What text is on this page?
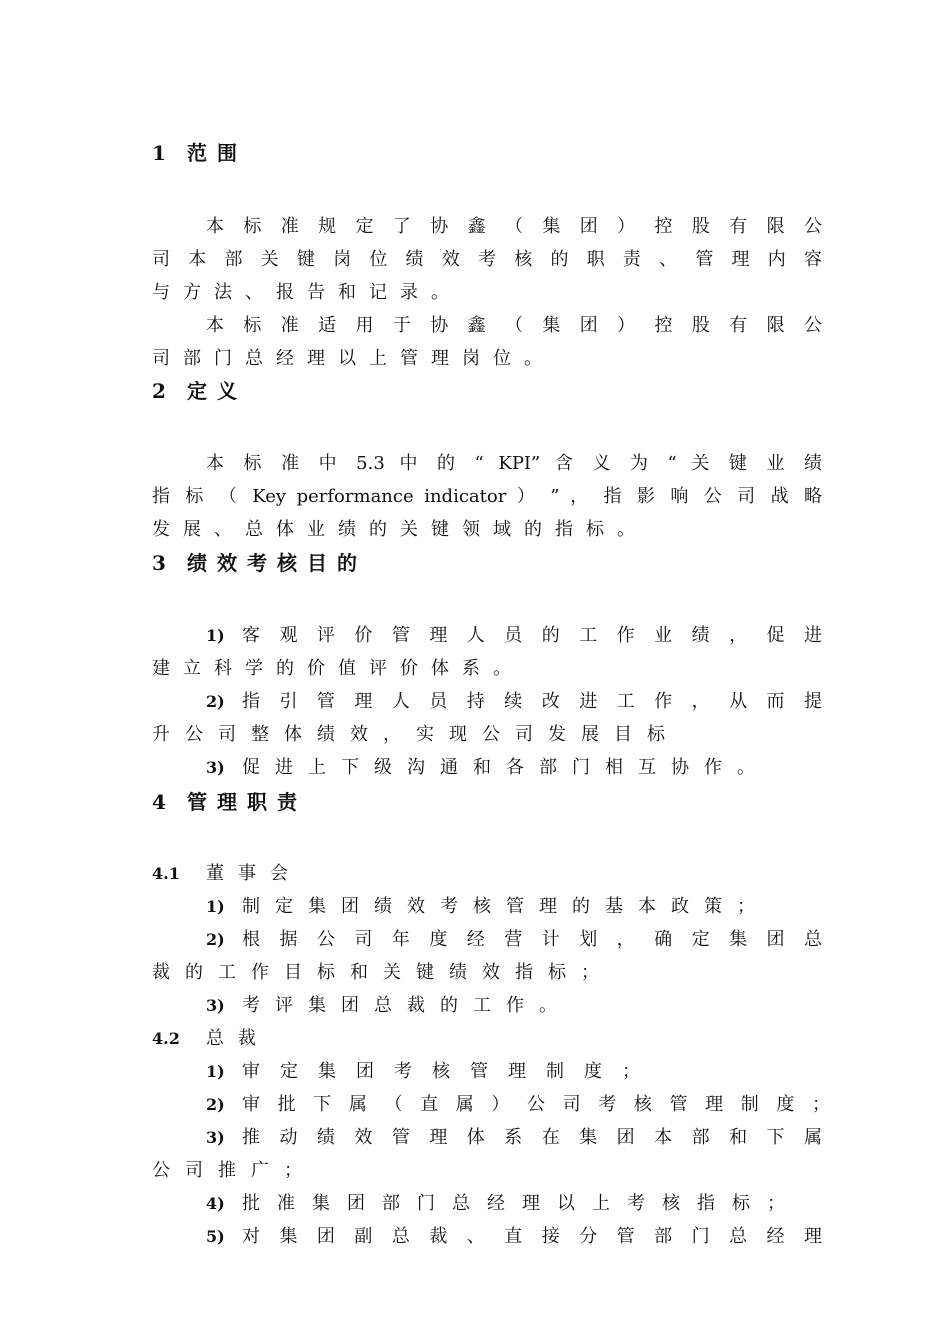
1 范围
本标准规定了协鑫（集团）控股有限公
司本部关键岗位绩效考核的职责、管理内容
与方法、报告和记录。
本标准适用于协鑫（集团）控股有限公
司部门总经理以上管理岗位。
2 定义
本 标 准 中 5.3 中 的 “ KPI” 含 义 为 “ 关 键 业 绩
指 标 （ Key performance indicator ） ” ， 指 影 响 公 司 战 略
发展、总体业绩的关键领域的指标。
3 绩效考核目的
1) 客观评价管理人员的工作业绩，促进
建立科学的价值评价体系。
2) 指引管理人员持续改进工作，从而提
升公司整体绩效，实现公司发展目标
3) 促进上下级沟通和各部门相互协作。
4 管理职责
4.1 董事会
1) 制定集团绩效考核管理的基本政策；
2) 根据公司年度经营计划，确定集团总
裁的工作目标和关键绩效指标；
3) 考评集团总裁的工作。
4.2 总裁
1) 审定集团考核管理制度；
2) 审批下属（直属）公司考核管理制度；
3) 推动绩效管理体系在集团本部和下属
公司推广；
4) 批准集团部门总经理以上考核指标；
5) 对集团副总裁、直接分管部门总经理
